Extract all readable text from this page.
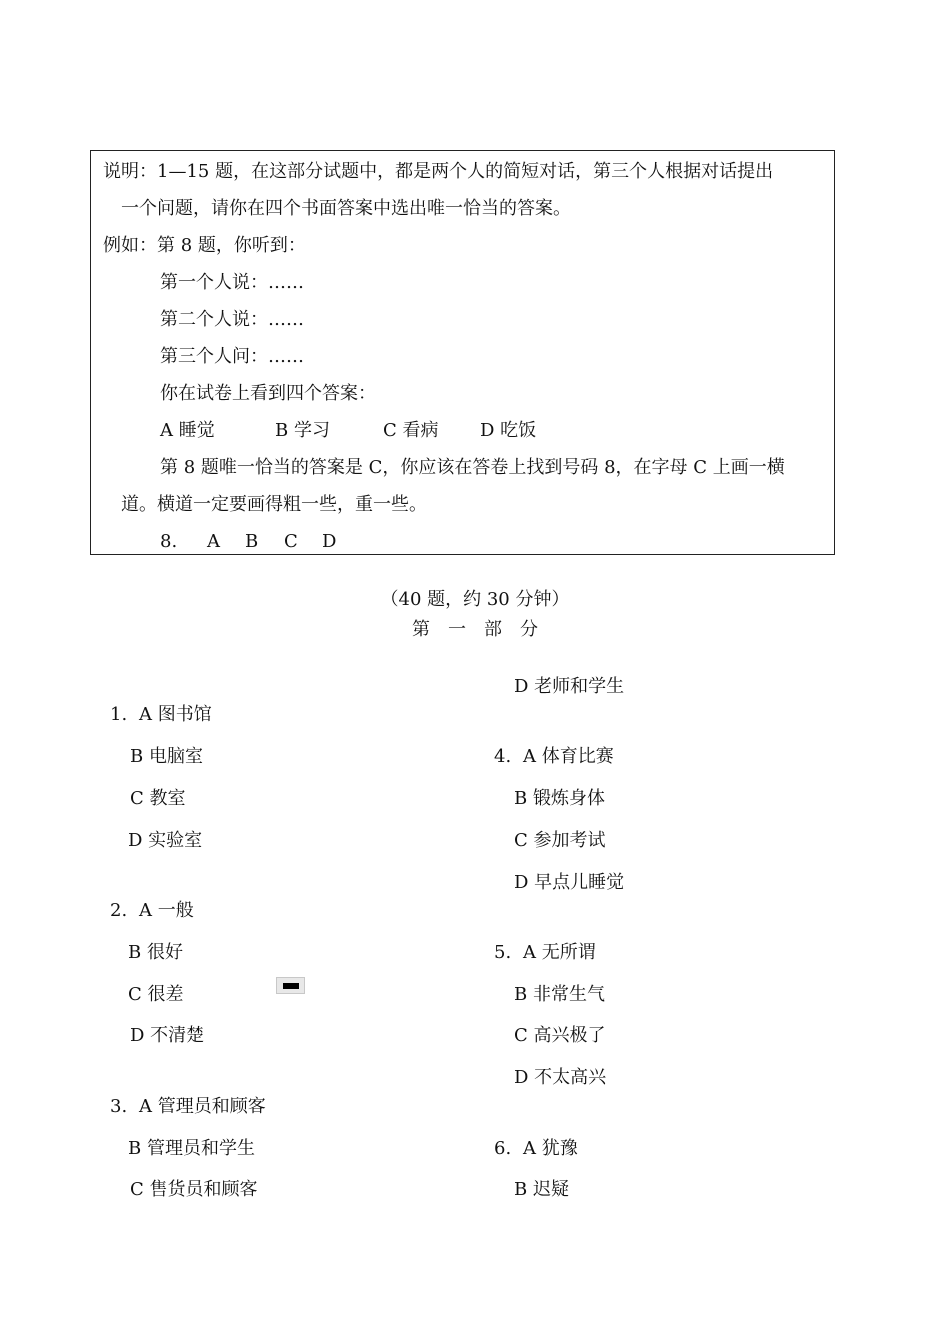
说明：1—15 题，在这部分试题中，都是两个人的简短对话，第三个人根据对话提出
一个问题，请你在四个书面答案中选出唯一恰当的答案。
例如：第 8 题，你听到：
第一个人说：……
第二个人说：……
第三个人问：……
你在试卷上看到四个答案：
A 睡觉	B 学习	C 看病 D 吃饭
第 8 题唯一恰当的答案是 C，你应该在答卷上找到号码 8，在字母 C 上画一横
道。横道一定要画得粗一些，重一些。
8. A B C D
（40 题，约 30 分钟）
第　一　部　分
1. A 图书馆
B 电脑室
C 教室
D 实验室
2. A 一般
B 很好
C 很差
D 不清楚
3. A 管理员和顾客
B 管理员和学生
C 售货员和顾客
D 老师和学生
4. A 体育比赛
B 锻炼身体
C 参加考试
D 早点儿睡觉
5. A 无所谓
B 非常生气
C 高兴极了
D 不太高兴
6. A 犹豫
B 迟疑
